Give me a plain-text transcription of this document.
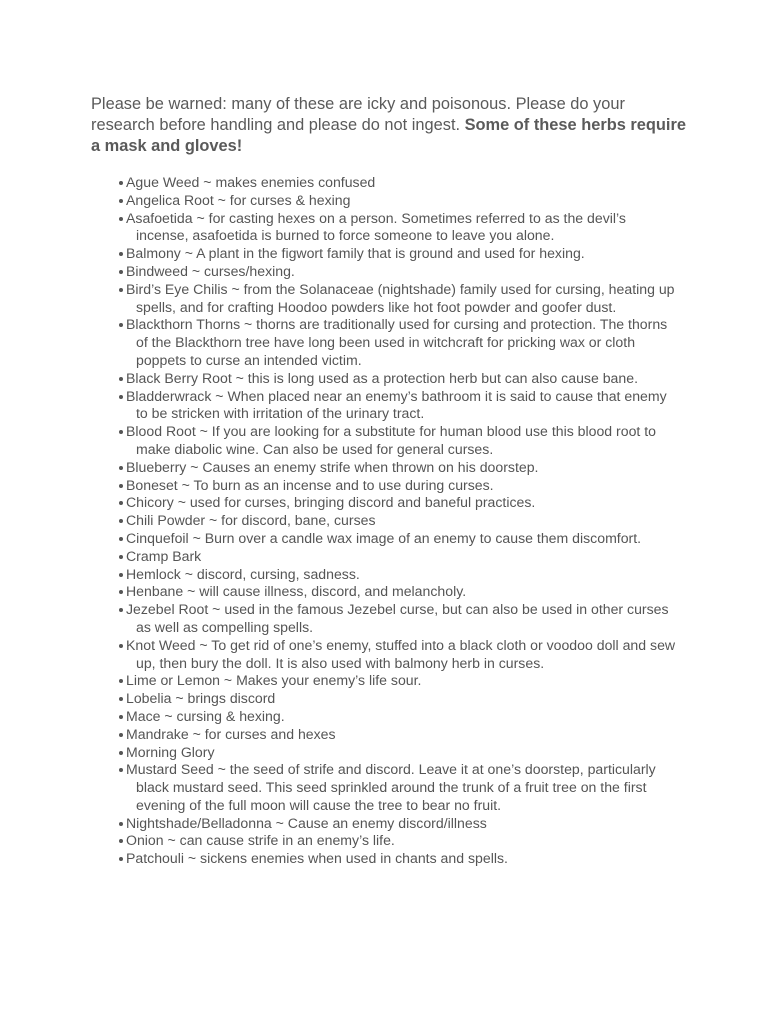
Please be warned: many of these are icky and poisonous. Please do your research before handling and please do not ingest. Some of these herbs require a mask and gloves!

Ague Weed ~ makes enemies confused
Angelica Root ~ for curses & hexing
Asafoetida ~ for casting hexes on a person. Sometimes referred to as the devil’s incense, asafoetida is burned to force someone to leave you alone.
Balmony ~ A plant in the figwort family that is ground and used for hexing.
Bindweed ~ curses/hexing.
Bird’s Eye Chilis ~ from the Solanaceae (nightshade) family used for cursing, heating up spells, and for crafting Hoodoo powders like hot foot powder and goofer dust.
Blackthorn Thorns ~ thorns are traditionally used for cursing and protection. The thorns of the Blackthorn tree have long been used in witchcraft for pricking wax or cloth poppets to curse an intended victim.
Black Berry Root ~ this is long used as a protection herb but can also cause bane.
Bladderwrack ~ When placed near an enemy’s bathroom it is said to cause that enemy to be stricken with irritation of the urinary tract.
Blood Root ~ If you are looking for a substitute for human blood use this blood root to make diabolic wine. Can also be used for general curses.
Blueberry ~ Causes an enemy strife when thrown on his doorstep.
Boneset ~ To burn as an incense and to use during curses.
Chicory ~ used for curses, bringing discord and baneful practices.
Chili Powder ~ for discord, bane, curses
Cinquefoil ~ Burn over a candle wax image of an enemy to cause them discomfort.
Cramp Bark
Hemlock ~ discord, cursing, sadness.
Henbane ~ will cause illness, discord, and melancholy.
Jezebel Root ~ used in the famous Jezebel curse, but can also be used in other curses as well as compelling spells.
Knot Weed ~ To get rid of one’s enemy, stuffed into a black cloth or voodoo doll and sew up, then bury the doll. It is also used with balmony herb in curses.
Lime or Lemon ~ Makes your enemy’s life sour.
Lobelia ~ brings discord
Mace ~ cursing & hexing.
Mandrake ~ for curses and hexes
Morning Glory
Mustard Seed ~ the seed of strife and discord. Leave it at one’s doorstep, particularly black mustard seed. This seed sprinkled around the trunk of a fruit tree on the first evening of the full moon will cause the tree to bear no fruit.
Nightshade/Belladonna ~ Cause an enemy discord/illness
Onion ~ can cause strife in an enemy’s life.
Patchouli ~ sickens enemies when used in chants and spells.
